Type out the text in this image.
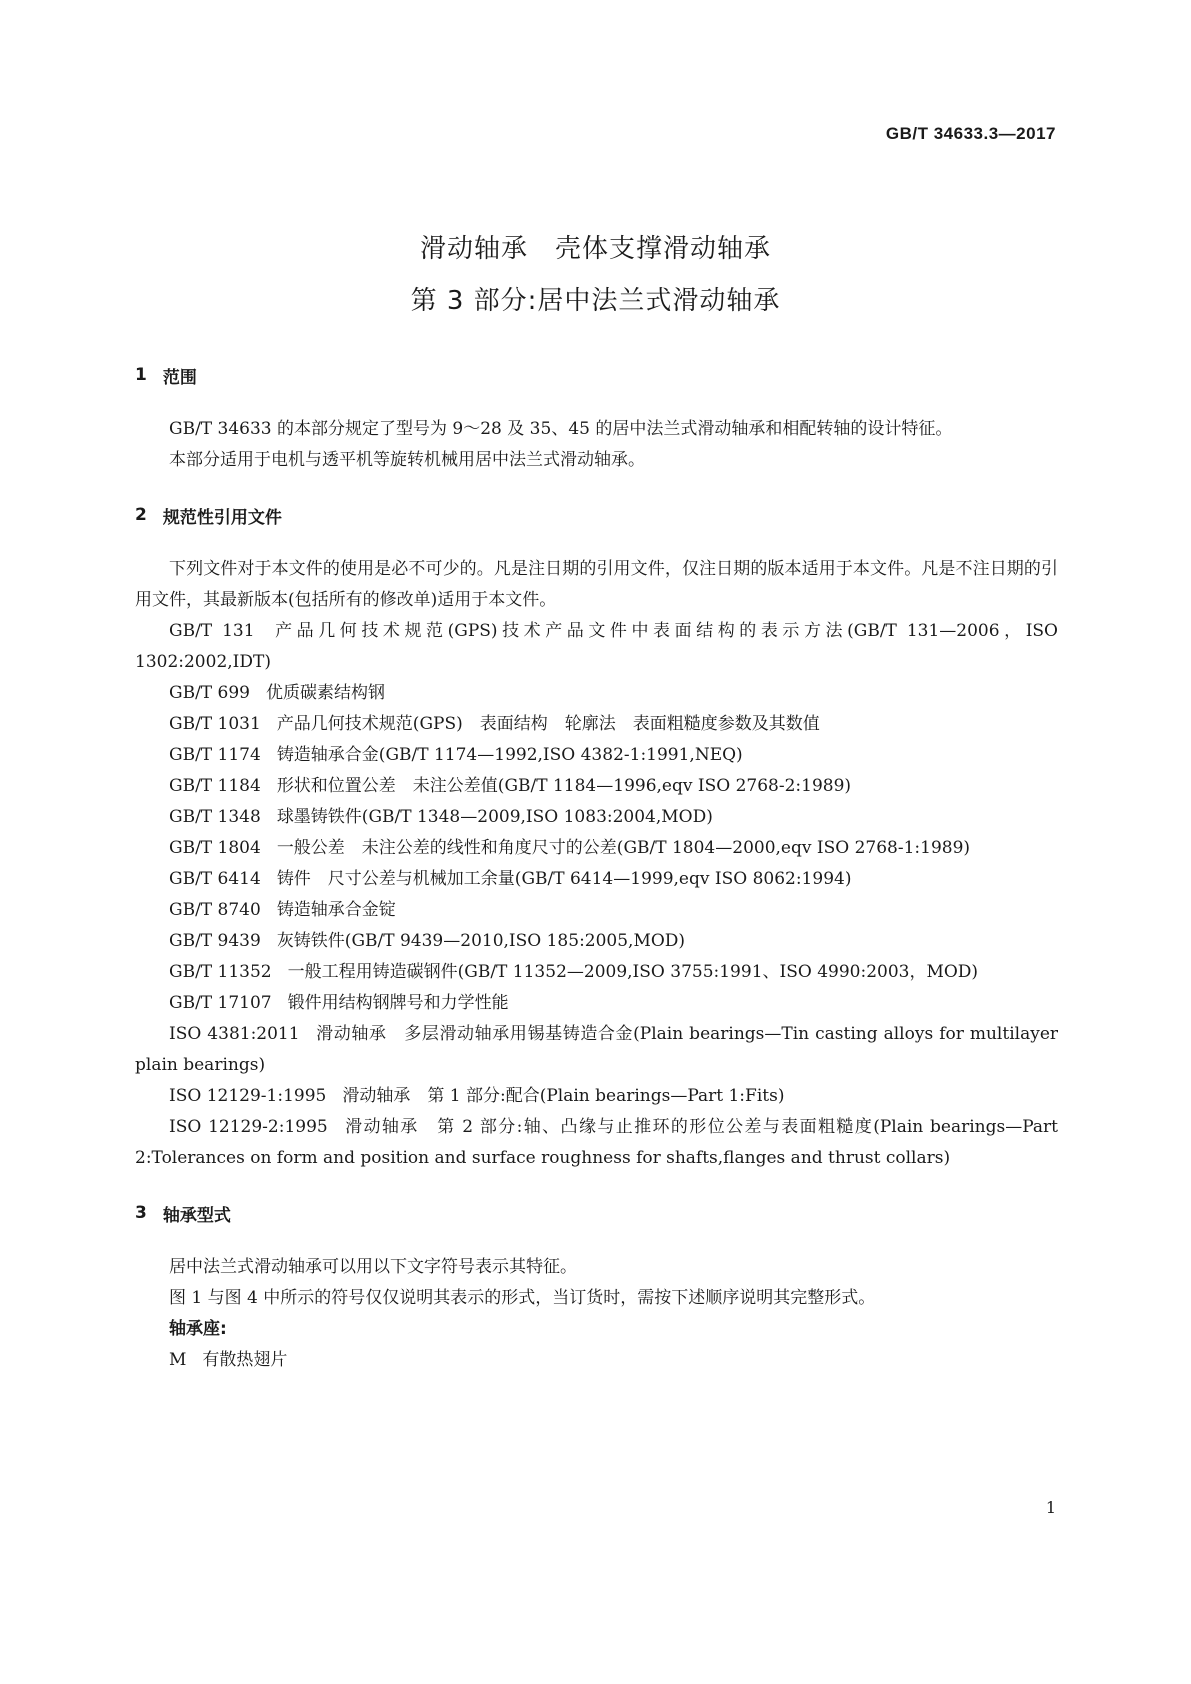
GB/T 34633.3—2017
滑动轴承　壳体支撑滑动轴承
第 3 部分:居中法兰式滑动轴承
1 范围

GB/T 34633 的本部分规定了型号为 9～28 及 35、45 的居中法兰式滑动轴承和相配转轴的设计特征。

本部分适用于电机与透平机等旋转机械用居中法兰式滑动轴承。

2 规范性引用文件

下列文件对于本文件的使用是必不可少的。凡是注日期的引用文件，仅注日期的版本适用于本文件。凡是不注日期的引用文件，其最新版本(包括所有的修改单)适用于本文件。

GB/T 131 产品几何技术规范(GPS)技术产品文件中表面结构的表示方法(GB/T 131—2006，ISO 1302:2002,IDT)

GB/T 699 优质碳素结构钢

GB/T 1031 产品几何技术规范(GPS)　表面结构　轮廓法　表面粗糙度参数及其数值

GB/T 1174 铸造轴承合金(GB/T 1174—1992,ISO 4382-1:1991,NEQ)

GB/T 1184 形状和位置公差　未注公差值(GB/T 1184—1996,eqv ISO 2768-2:1989)

GB/T 1348 球墨铸铁件(GB/T 1348—2009,ISO 1083:2004,MOD)

GB/T 1804 一般公差　未注公差的线性和角度尺寸的公差(GB/T 1804—2000,eqv ISO 2768-1:1989)

GB/T 6414 铸件　尺寸公差与机械加工余量(GB/T 6414—1999,eqv ISO 8062:1994)

GB/T 8740 铸造轴承合金锭

GB/T 9439 灰铸铁件(GB/T 9439—2010,ISO 185:2005,MOD)

GB/T 11352 一般工程用铸造碳钢件(GB/T 11352—2009,ISO 3755:1991、ISO 4990:2003，MOD)

GB/T 17107 锻件用结构钢牌号和力学性能

ISO 4381:2011 滑动轴承　多层滑动轴承用锡基铸造合金(Plain bearings—Tin casting alloys for multilayer plain bearings)

ISO 12129-1:1995 滑动轴承　第 1 部分:配合(Plain bearings—Part 1:Fits)

ISO 12129-2:1995 滑动轴承　第 2 部分:轴、凸缘与止推环的形位公差与表面粗糙度(Plain bearings—Part 2:Tolerances on form and position and surface roughness for shafts,flanges and thrust collars)

3 轴承型式

居中法兰式滑动轴承可以用以下文字符号表示其特征。

图 1 与图 4 中所示的符号仅仅说明其表示的形式，当订货时，需按下述顺序说明其完整形式。

轴承座:

M 有散热翅片

1
